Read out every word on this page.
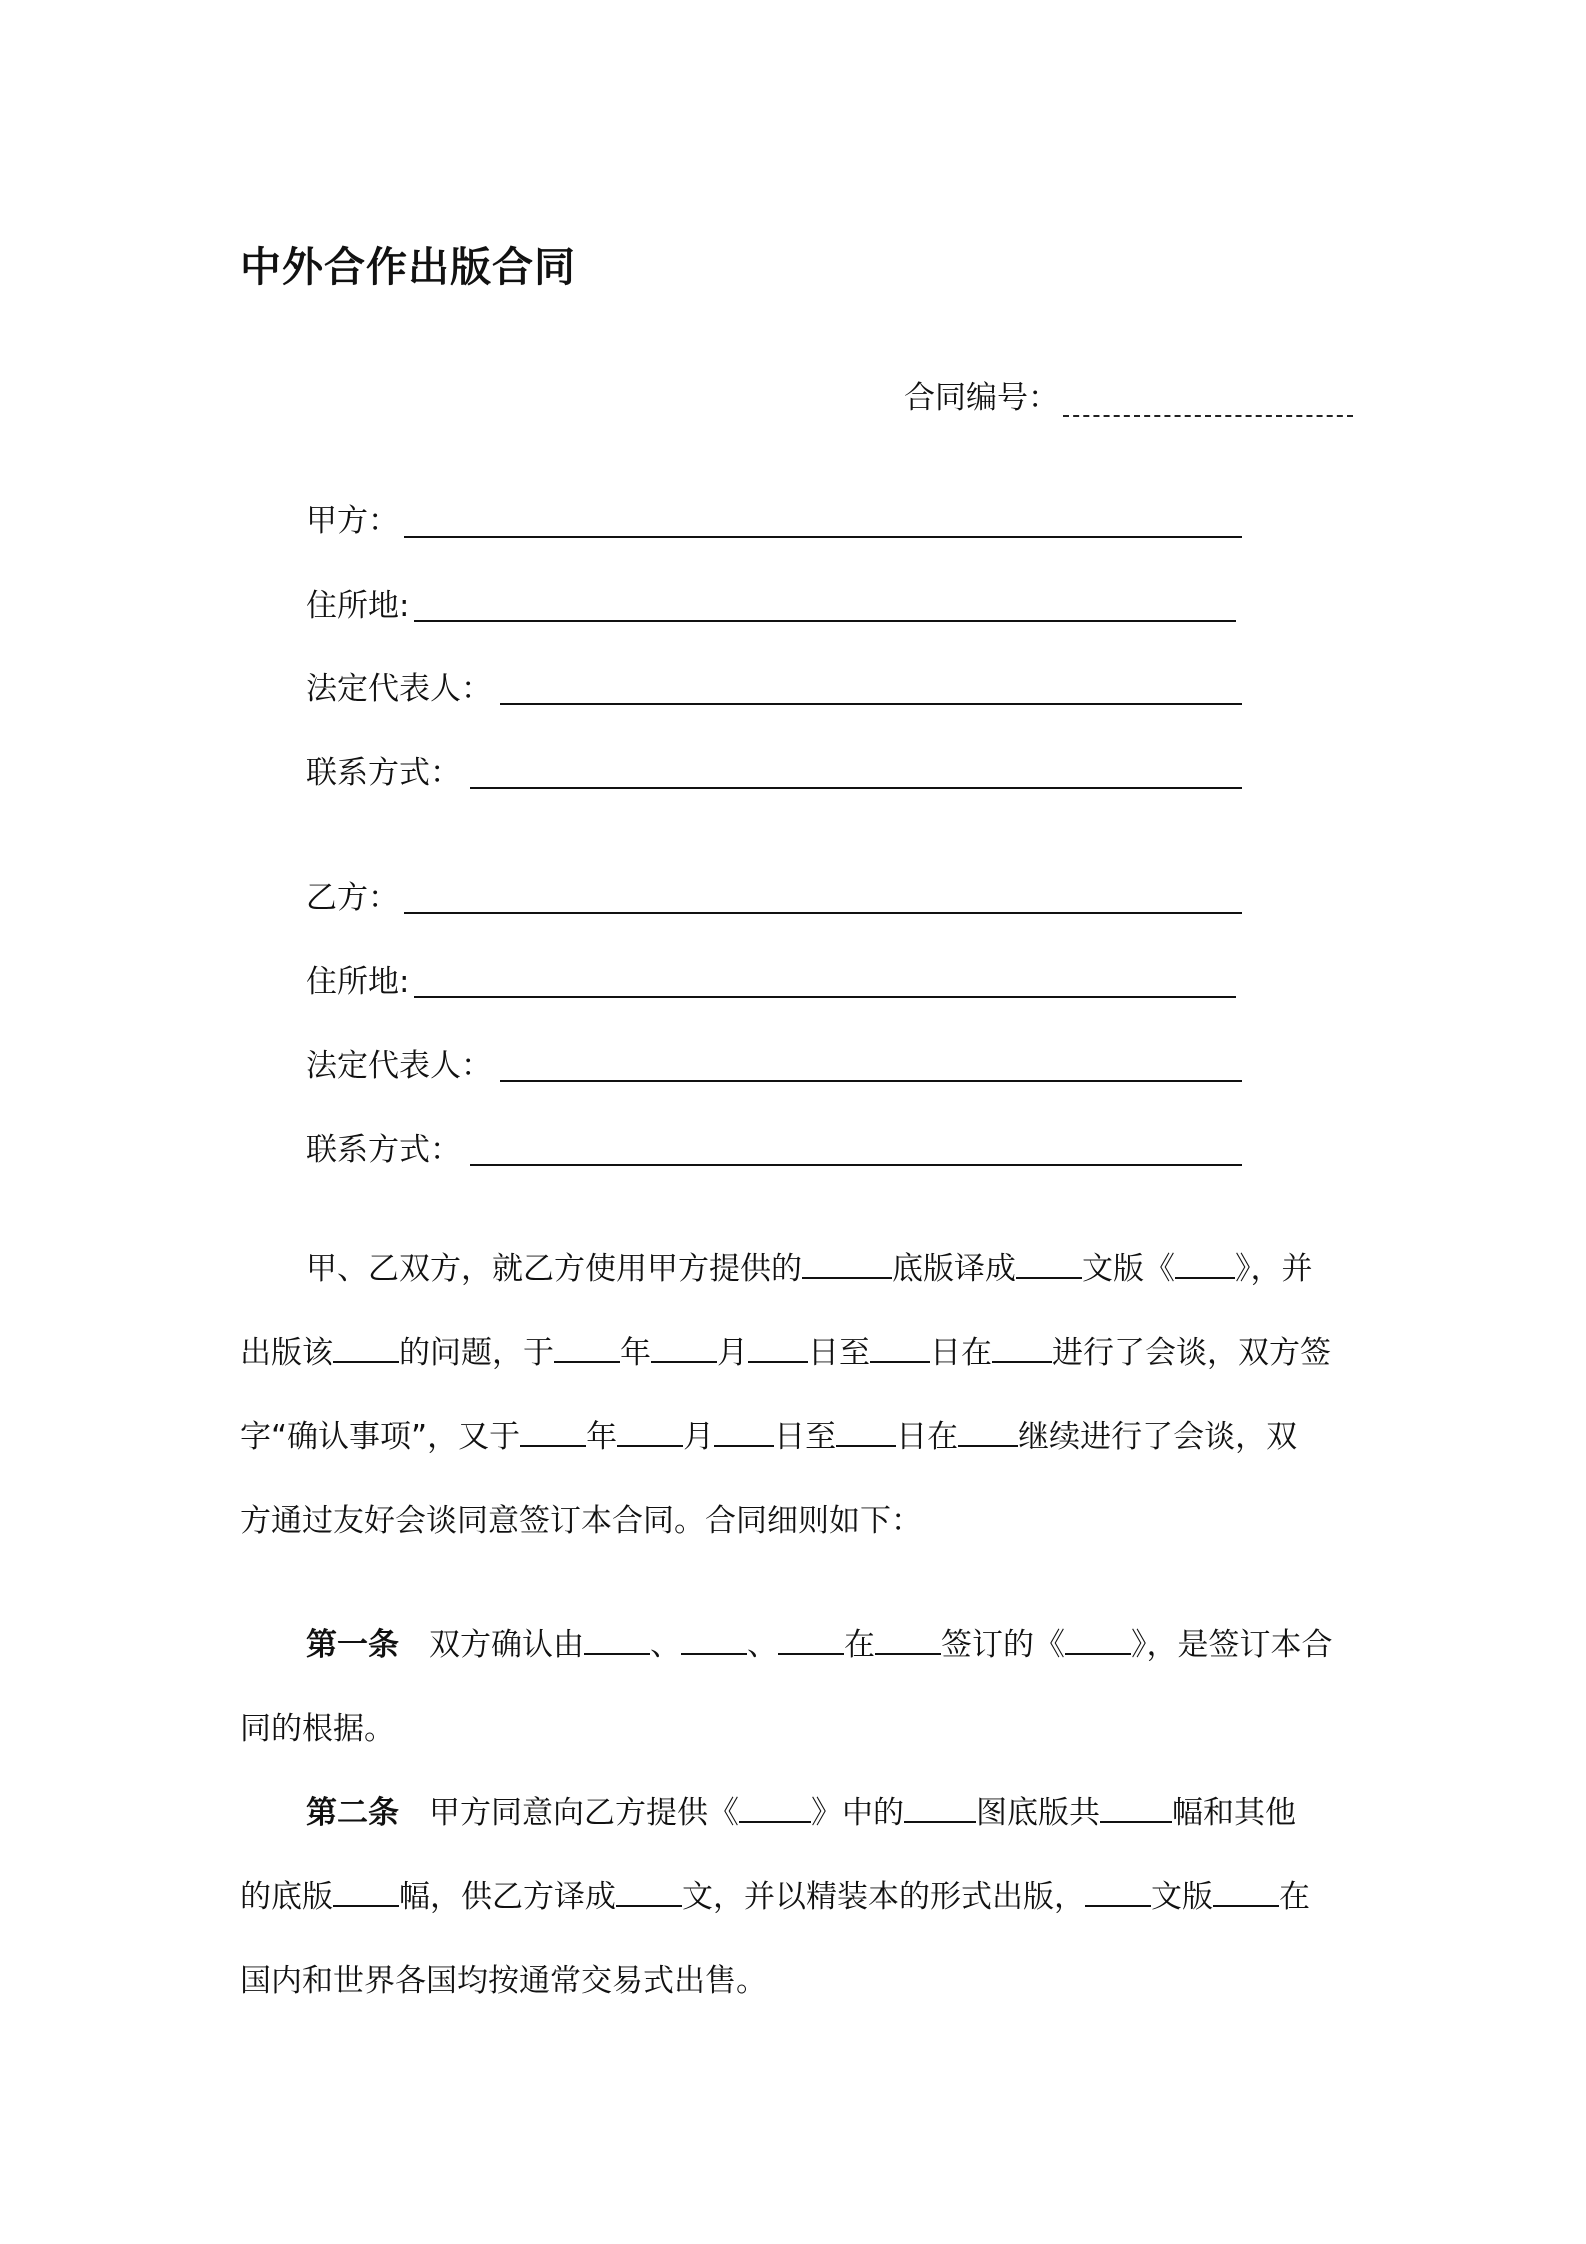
中外合作出版合同
合同编号：
甲方：
住所地:
法定代表人：
联系方式：
乙方：
住所地:
法定代表人：
联系方式：
甲、乙双方，就乙方使用甲方提供的	底版译成 文版《 》，并
出版该 的问题，于 年 月 日至 日在 进行了会谈，双方签
字“确认事项”，又于 年 月 日至 日在 继续进行了会谈，双
方通过友好会谈同意签订本合同。合同细则如下：
第一条 双方确认由 、 、 在 签订的《 》，是签订本合
同的根据。
第二条 甲方同意向乙方提供《 》中的 图底版共 幅和其他
的底版 幅，供乙方译成 文，并以精装本的形式出版， 文版 在
国内和世界各国均按通常交易式出售。
